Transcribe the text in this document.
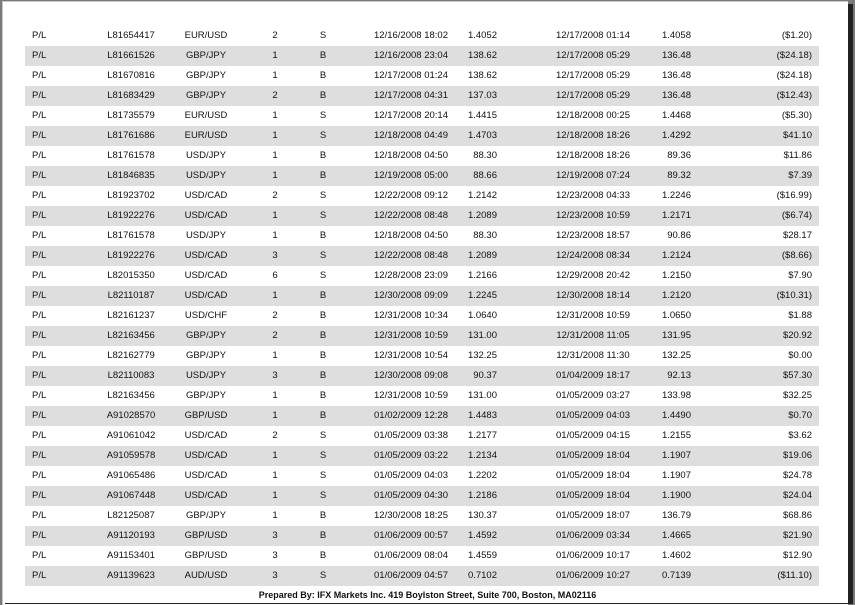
P/L	L81654417	EUR/USD	2	S	12/16/2008 18:02	1.4052	12/17/2008 01:14	1.4058	($1.20)
P/L	L81661526	GBP/JPY	1	B	12/16/2008 23:04	138.62	12/17/2008 05:29	136.48	($24.18)
P/L	L81670816	GBP/JPY	1	B	12/17/2008 01:24	138.62	12/17/2008 05:29	136.48	($24.18)
P/L	L81683429	GBP/JPY	2	B	12/17/2008 04:31	137.03	12/17/2008 05:29	136.48	($12.43)
P/L	L81735579	EUR/USD	1	S	12/17/2008 20:14	1.4415	12/18/2008 00:25	1.4468	($5.30)
P/L	L81761686	EUR/USD	1	S	12/18/2008 04:49	1.4703	12/18/2008 18:26	1.4292	$41.10
P/L	L81761578	USD/JPY	1	B	12/18/2008 04:50	88.30	12/18/2008 18:26	89.36	$11.86
P/L	L81846835	USD/JPY	1	B	12/19/2008 05:00	88.66	12/19/2008 07:24	89.32	$7.39
P/L	L81923702	USD/CAD	2	S	12/22/2008 09:12	1.2142	12/23/2008 04:33	1.2246	($16.99)
P/L	L81922276	USD/CAD	1	S	12/22/2008 08:48	1.2089	12/23/2008 10:59	1.2171	($6.74)
P/L	L81761578	USD/JPY	1	B	12/18/2008 04:50	88.30	12/23/2008 18:57	90.86	$28.17
P/L	L81922276	USD/CAD	3	S	12/22/2008 08:48	1.2089	12/24/2008 08:34	1.2124	($8.66)
P/L	L82015350	USD/CAD	6	S	12/28/2008 23:09	1.2166	12/29/2008 20:42	1.2150	$7.90
P/L	L82110187	USD/CAD	1	B	12/30/2008 09:09	1.2245	12/30/2008 18:14	1.2120	($10.31)
P/L	L82161237	USD/CHF	2	B	12/31/2008 10:34	1.0640	12/31/2008 10:59	1.0650	$1.88
P/L	L82163456	GBP/JPY	2	B	12/31/2008 10:59	131.00	12/31/2008 11:05	131.95	$20.92
P/L	L82162779	GBP/JPY	1	B	12/31/2008 10:54	132.25	12/31/2008 11:30	132.25	$0.00
P/L	L82110083	USD/JPY	3	B	12/30/2008 09:08	90.37	01/04/2009 18:17	92.13	$57.30
P/L	L82163456	GBP/JPY	1	B	12/31/2008 10:59	131.00	01/05/2009 03:27	133.98	$32.25
P/L	A91028570	GBP/USD	1	B	01/02/2009 12:28	1.4483	01/05/2009 04:03	1.4490	$0.70
P/L	A91061042	USD/CAD	2	S	01/05/2009 03:38	1.2177	01/05/2009 04:15	1.2155	$3.62
P/L	A91059578	USD/CAD	1	S	01/05/2009 03:22	1.2134	01/05/2009 18:04	1.1907	$19.06
P/L	A91065486	USD/CAD	1	S	01/05/2009 04:03	1.2202	01/05/2009 18:04	1.1907	$24.78
P/L	A91067448	USD/CAD	1	S	01/05/2009 04:30	1.2186	01/05/2009 18:04	1.1900	$24.04
P/L	L82125087	GBP/JPY	1	B	12/30/2008 18:25	130.37	01/05/2009 18:07	136.79	$68.86
P/L	A91120193	GBP/USD	3	B	01/06/2009 00:57	1.4592	01/06/2009 03:34	1.4665	$21.90
P/L	A91153401	GBP/USD	3	B	01/06/2009 08:04	1.4559	01/06/2009 10:17	1.4602	$12.90
P/L	A91139623	AUD/USD	3	S	01/06/2009 04:57	0.7102	01/06/2009 10:27	0.7139	($11.10)
Prepared By: IFX Markets Inc. 419 Boylston Street, Suite 700, Boston, MA02116
